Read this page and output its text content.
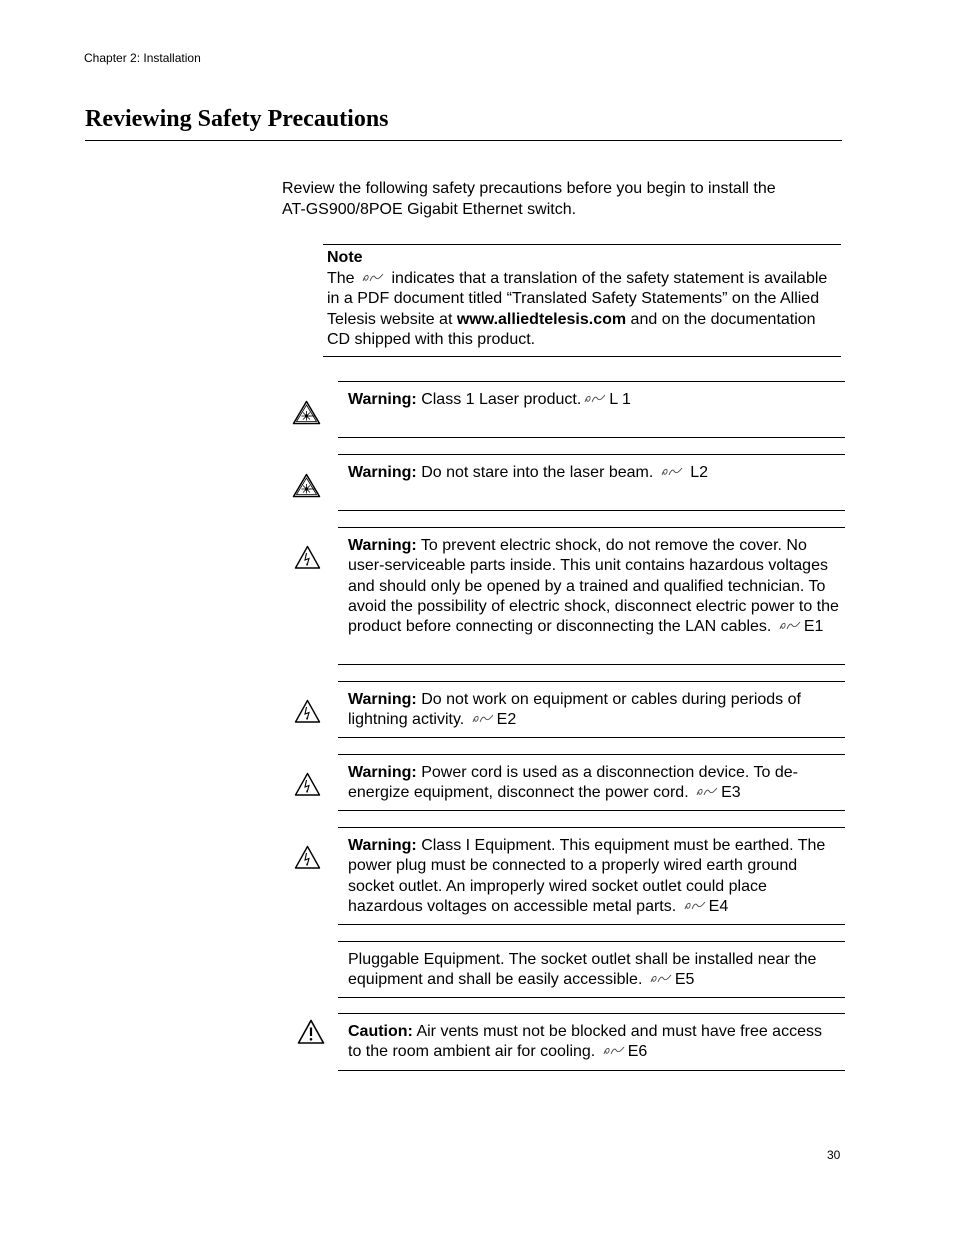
Chapter 2: Installation
Reviewing Safety Precautions

Review the following safety precautions before you begin to install the
AT-GS900/8POE Gigabit Ethernet switch.

Note
The indicates that a translation of the safety statement is available in a PDF document titled “Translated Safety Statements” on the Allied Telesis website at www.alliedtelesis.com and on the documentation CD shipped with this product.
Warning: Class 1 Laser product. L 1
Warning: Do not stare into the laser beam. L2
Warning: To prevent electric shock, do not remove the cover. No user-serviceable parts inside. This unit contains hazardous voltages and should only be opened by a trained and qualified technician. To avoid the possibility of electric shock, disconnect electric power to the product before connecting or disconnecting the LAN cables. E1
Warning: Do not work on equipment or cables during periods of lightning activity. E2
Warning: Power cord is used as a disconnection device. To de-energize equipment, disconnect the power cord. E3
Warning: Class I Equipment. This equipment must be earthed. The power plug must be connected to a properly wired earth ground socket outlet. An improperly wired socket outlet could place hazardous voltages on accessible metal parts. E4
Pluggable Equipment. The socket outlet shall be installed near the equipment and shall be easily accessible. E5
Caution: Air vents must not be blocked and must have free access to the room ambient air for cooling. E6
30
